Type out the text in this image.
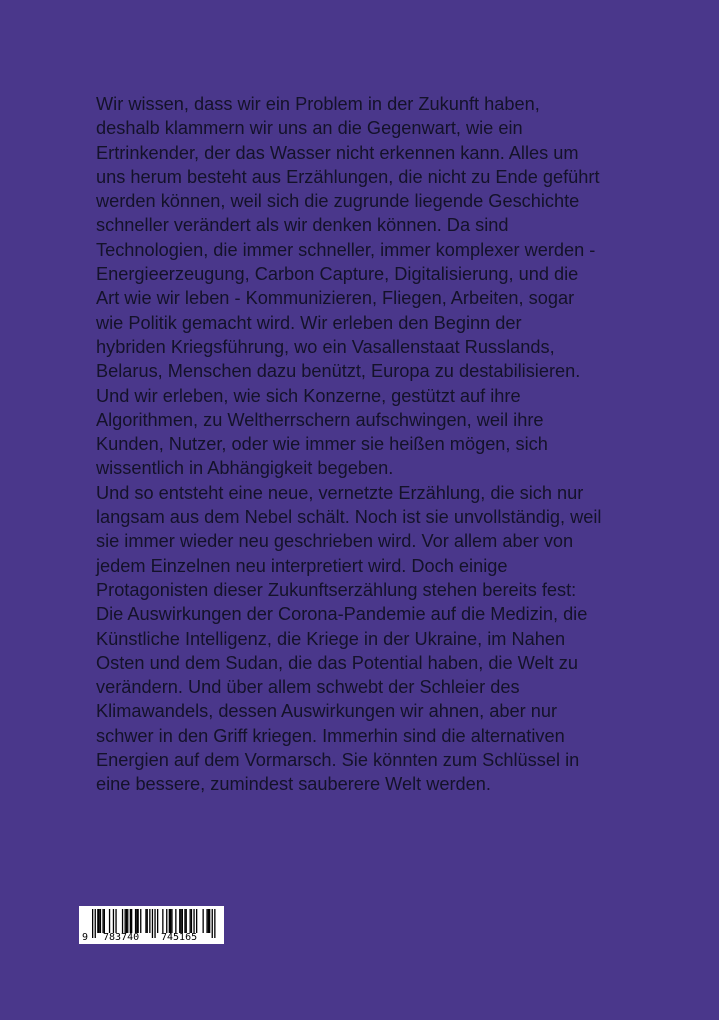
Wir wissen, dass wir ein Problem in der Zukunft haben,
deshalb klammern wir uns an die Gegenwart, wie ein
Ertrinkender, der das Wasser nicht erkennen kann. Alles um
uns herum besteht aus Erzählungen, die nicht zu Ende geführt
werden können, weil sich die zugrunde liegende Geschichte
schneller verändert als wir denken können. Da sind
Technologien, die immer schneller, immer komplexer werden -
Energieerzeugung, Carbon Capture, Digitalisierung, und die
Art wie wir leben - Kommunizieren, Fliegen, Arbeiten, sogar
wie Politik gemacht wird. Wir erleben den Beginn der
hybriden Kriegsführung, wo ein Vasallenstaat Russlands,
Belarus, Menschen dazu benützt, Europa zu destabilisieren.
Und wir erleben, wie sich Konzerne, gestützt auf ihre
Algorithmen, zu Weltherrschern aufschwingen, weil ihre
Kunden, Nutzer, oder wie immer sie heißen mögen, sich
wissentlich in Abhängigkeit begeben.
Und so entsteht eine neue, vernetzte Erzählung, die sich nur
langsam aus dem Nebel schält. Noch ist sie unvollständig, weil
sie immer wieder neu geschrieben wird. Vor allem aber von
jedem Einzelnen neu interpretiert wird. Doch einige
Protagonisten dieser Zukunftserzählung stehen bereits fest:
Die Auswirkungen der Corona-Pandemie auf die Medizin, die
Künstliche Intelligenz, die Kriege in der Ukraine, im Nahen
Osten und dem Sudan, die das Potential haben, die Welt zu
verändern. Und über allem schwebt der Schleier des
Klimawandels, dessen Auswirkungen wir ahnen, aber nur
schwer in den Griff kriegen. Immerhin sind die alternativen
Energien auf dem Vormarsch. Sie könnten zum Schlüssel in
eine bessere, zumindest sauberere Welt werden.

9 783740 745165
